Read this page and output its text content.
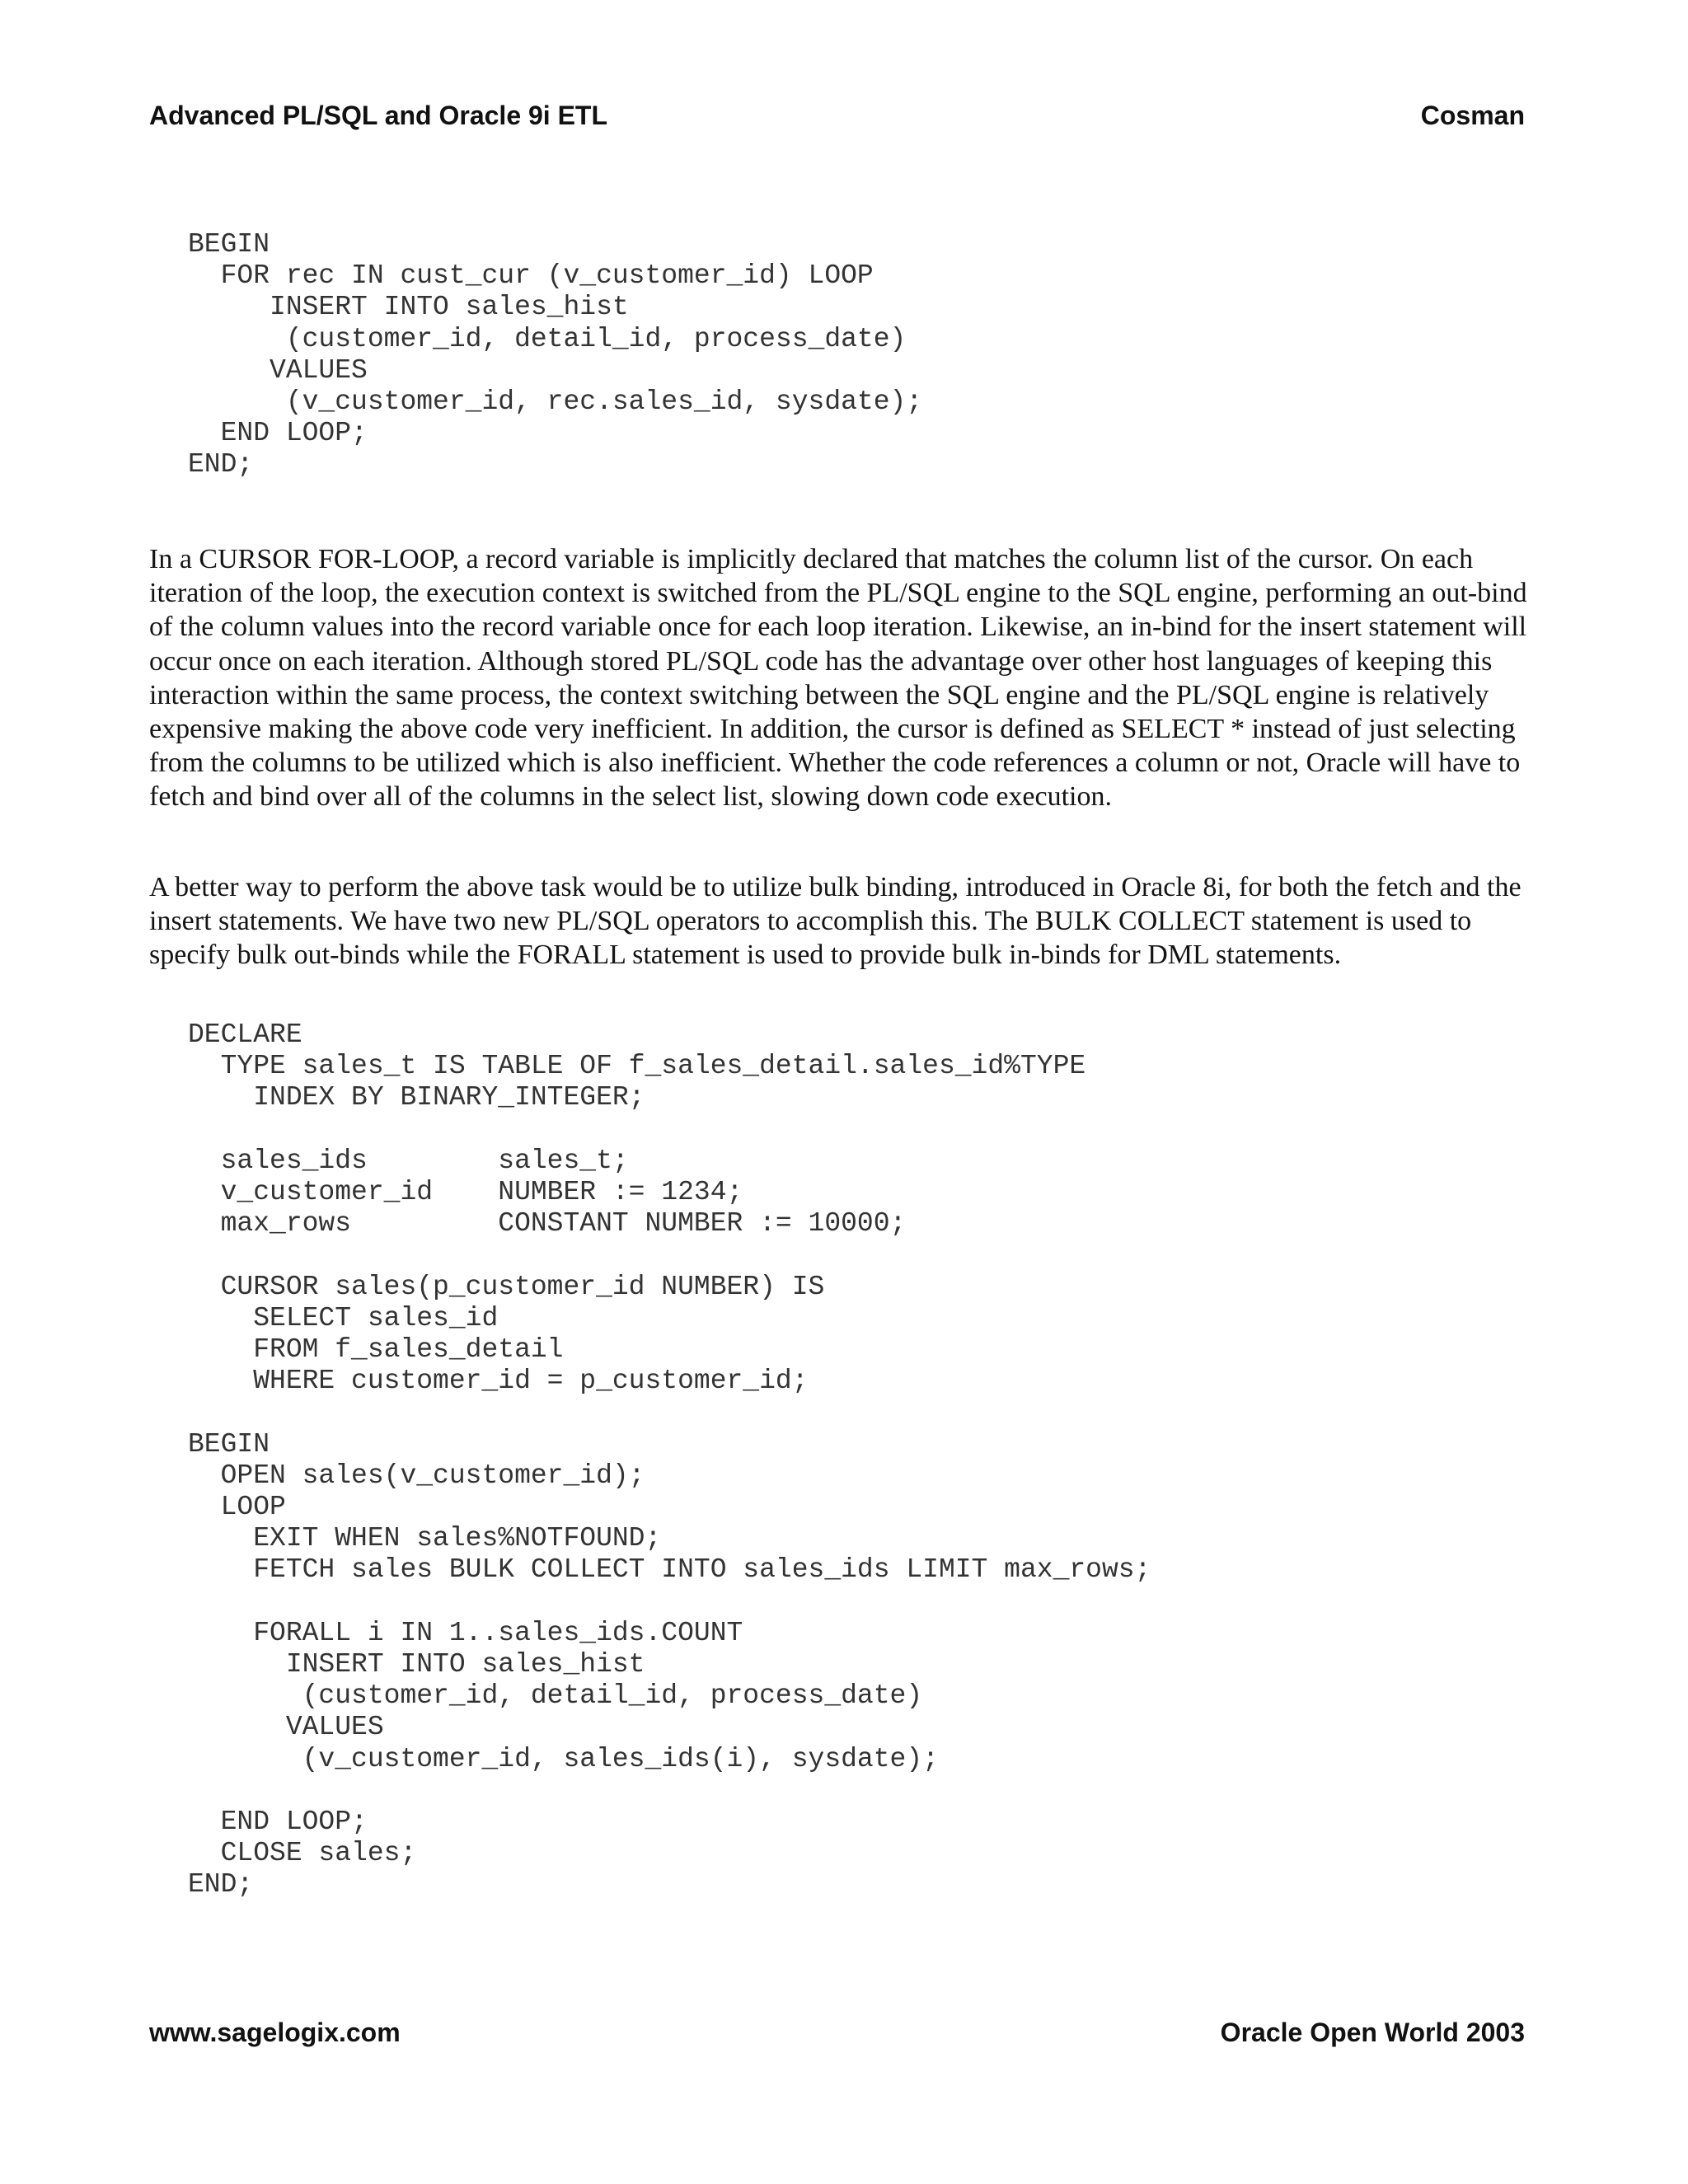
Advanced PL/SQL and Oracle 9i ETL	Cosman
BEGIN
FOR rec IN cust_cur (v_customer_id) LOOP
INSERT INTO sales_hist
(customer_id, detail_id, process_date)
VALUES
(v_customer_id, rec.sales_id, sysdate);
END LOOP;
END;

In a CURSOR FOR-LOOP, a record variable is implicitly declared that matches the column list of the cursor. On each iteration of the loop, the execution context is switched from the PL/SQL engine to the SQL engine, performing an out-bind of the column values into the record variable once for each loop iteration. Likewise, an in-bind for the insert statement will occur once on each iteration. Although stored PL/SQL code has the advantage over other host languages of keeping this interaction within the same process, the context switching between the SQL engine and the PL/SQL engine is relatively expensive making the above code very inefficient. In addition, the cursor is defined as SELECT * instead of just selecting from the columns to be utilized which is also inefficient. Whether the code references a column or not, Oracle will have to fetch and bind over all of the columns in the select list, slowing down code execution.

A better way to perform the above task would be to utilize bulk binding, introduced in Oracle 8i, for both the fetch and the insert statements. We have two new PL/SQL operators to accomplish this. The BULK COLLECT statement is used to specify bulk out-binds while the FORALL statement is used to provide bulk in-binds for DML statements.

DECLARE
TYPE sales_t IS TABLE OF f_sales_detail.sales_id%TYPE
INDEX BY BINARY_INTEGER;

sales_ids        sales_t;
v_customer_id    NUMBER := 1234;
max_rows         CONSTANT NUMBER := 10000;

CURSOR sales(p_customer_id NUMBER) IS
SELECT sales_id
FROM f_sales_detail
WHERE customer_id = p_customer_id;

BEGIN
OPEN sales(v_customer_id);
LOOP
EXIT WHEN sales%NOTFOUND;
FETCH sales BULK COLLECT INTO sales_ids LIMIT max_rows;

FORALL i IN 1..sales_ids.COUNT
INSERT INTO sales_hist
(customer_id, detail_id, process_date)
VALUES
(v_customer_id, sales_ids(i), sysdate);

END LOOP;
CLOSE sales;
END;
www.sagelogix.com	Oracle Open World 2003
